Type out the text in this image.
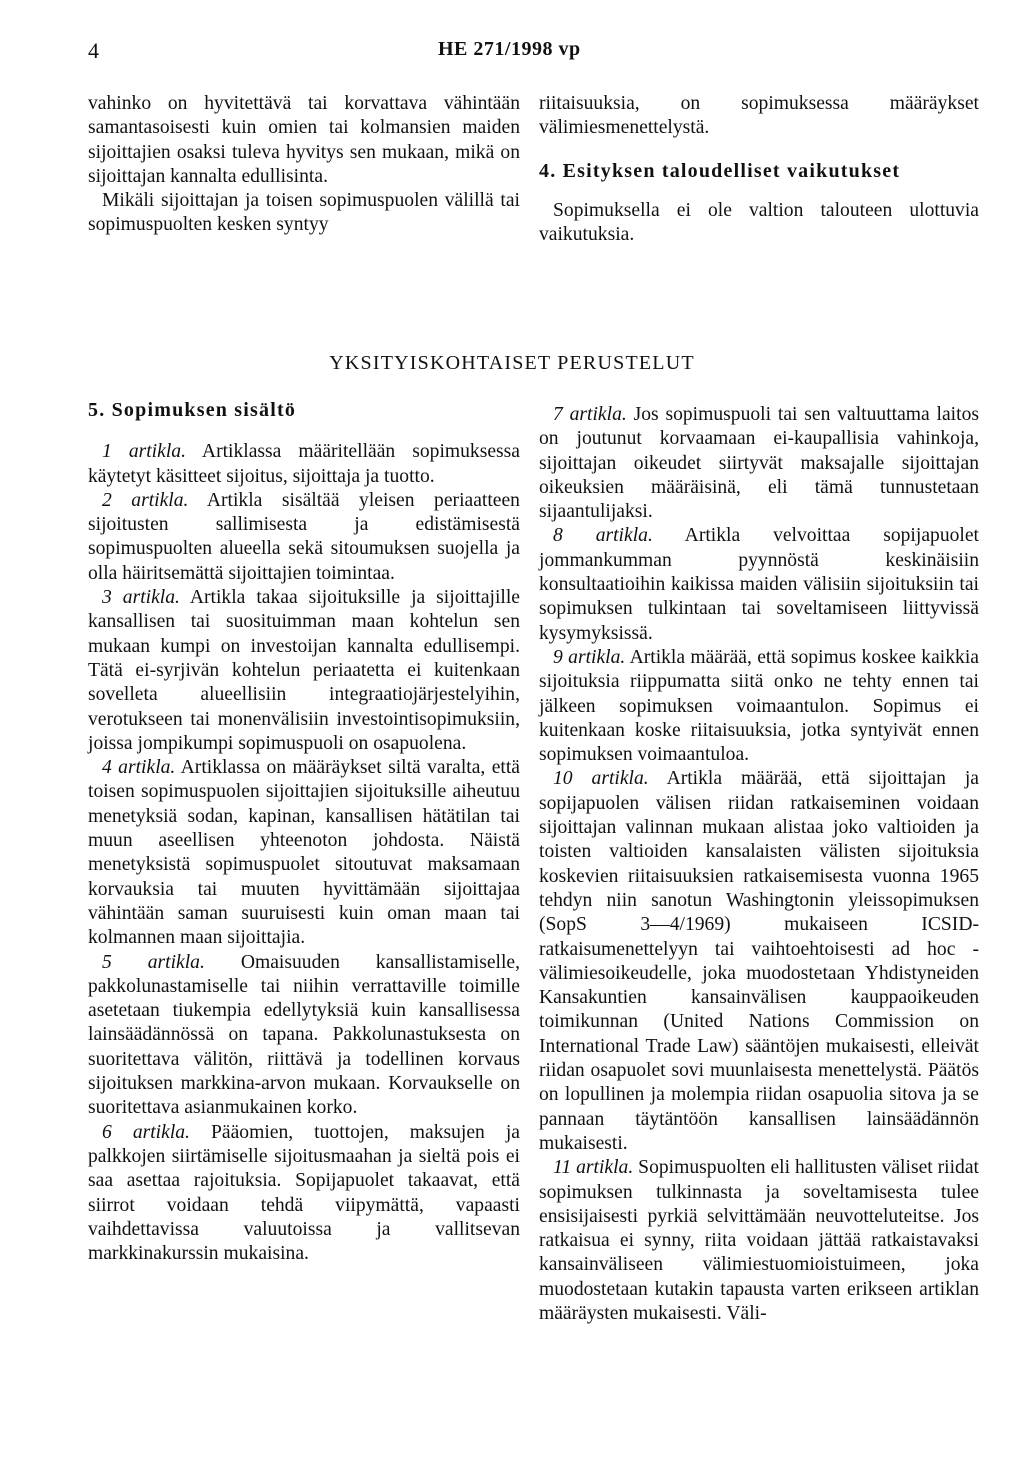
4	HE 271/1998 vp

vahinko on hyvitettävä tai korvattava vähintään samantasoisesti kuin omien tai kolmansien maiden sijoittajien osaksi tuleva hyvitys sen mukaan, mikä on sijoittajan kannalta edullisinta.

Mikäli sijoittajan ja toisen sopimuspuolen välillä tai sopimuspuolten kesken syntyy

riitaisuuksia, on sopimuksessa määräykset välimiesmenettelystä.

4. Esityksen taloudelliset vaikutukset

Sopimuksella ei ole valtion talouteen ulottuvia vaikutuksia.

YKSITYISKOHTAISET PERUSTELUT
5. Sopimuksen sisältö

1 artikla. Artiklassa määritellään sopimuksessa käytetyt käsitteet sijoitus, sijoittaja ja tuotto.

2 artikla. Artikla sisältää yleisen periaatteen sijoitusten sallimisesta ja edistämisestä sopimuspuolten alueella sekä sitoumuksen suojella ja olla häiritsemättä sijoittajien toimintaa.

3 artikla. Artikla takaa sijoituksille ja sijoittajille kansallisen tai suosituimman maan kohtelun sen mukaan kumpi on investoijan kannalta edullisempi. Tätä ei-syrjivän kohtelun periaatetta ei kuitenkaan sovelleta alueellisiin integraatiojärjestelyihin, verotukseen tai monenvälisiin investointisopimuksiin, joissa jompikumpi sopimuspuoli on osapuolena.

4 artikla. Artiklassa on määräykset siltä varalta, että toisen sopimuspuolen sijoittajien sijoituksille aiheutuu menetyksiä sodan, kapinan, kansallisen hätätilan tai muun aseellisen yhteenoton johdosta. Näistä menetyksistä sopimuspuolet sitoutuvat maksamaan korvauksia tai muuten hyvittämään sijoittajaa vähintään saman suuruisesti kuin oman maan tai kolmannen maan sijoittajia.

5 artikla. Omaisuuden kansallistamiselle, pakkolunastamiselle tai niihin verrattaville toimille asetetaan tiukempia edellytyksiä kuin kansallisessa lainsäädännössä on tapana. Pakkolunastuksesta on suoritettava välitön, riittävä ja todellinen korvaus sijoituksen markkina-arvon mukaan. Korvaukselle on suoritettava asianmukainen korko.

6 artikla. Pääomien, tuottojen, maksujen ja palkkojen siirtämiselle sijoitusmaahan ja sieltä pois ei saa asettaa rajoituksia. Sopijapuolet takaavat, että siirrot voidaan tehdä viipymättä, vapaasti vaihdettavissa valuutoissa ja vallitsevan markkinakurssin mukaisina.

7 artikla. Jos sopimuspuoli tai sen valtuuttama laitos on joutunut korvaamaan ei-kaupallisia vahinkoja, sijoittajan oikeudet siirtyvät maksajalle sijoittajan oikeuksien määräisinä, eli tämä tunnustetaan sijaantulijaksi.

8 artikla. Artikla velvoittaa sopijapuolet jommankumman pyynnöstä keskinäisiin konsultaatioihin kaikissa maiden välisiin sijoituksiin tai sopimuksen tulkintaan tai soveltamiseen liittyvissä kysymyksissä.

9 artikla. Artikla määrää, että sopimus koskee kaikkia sijoituksia riippumatta siitä onko ne tehty ennen tai jälkeen sopimuksen voimaantulon. Sopimus ei kuitenkaan koske riitaisuuksia, jotka syntyivät ennen sopimuksen voimaantuloa.

10 artikla. Artikla määrää, että sijoittajan ja sopijapuolen välisen riidan ratkaiseminen voidaan sijoittajan valinnan mukaan alistaa joko valtioiden ja toisten valtioiden kansalaisten välisten sijoituksia koskevien riitaisuuksien ratkaisemisesta vuonna 1965 tehdyn niin sanotun Washingtonin yleissopimuksen (SopS 3—4/1969) mukaiseen ICSID-ratkaisumenettelyyn tai vaihtoehtoisesti ad hoc -välimiesoikeudelle, joka muodostetaan Yhdistyneiden Kansakuntien kansainvälisen kauppaoikeuden toimikunnan (United Nations Commission on International Trade Law) sääntöjen mukaisesti, elleivät riidan osapuolet sovi muunlaisesta menettelystä. Päätös on lopullinen ja molempia riidan osapuolia sitova ja se pannaan täytäntöön kansallisen lainsäädännön mukaisesti.

11 artikla. Sopimuspuolten eli hallitusten väliset riidat sopimuksen tulkinnasta ja soveltamisesta tulee ensisijaisesti pyrkiä selvittämään neuvotteluteitse. Jos ratkaisua ei synny, riita voidaan jättää ratkaistavaksi kansainväliseen välimiestuomioistuimeen, joka muodostetaan kutakin tapausta varten erikseen artiklan määräysten mukaisesti. Väli-
